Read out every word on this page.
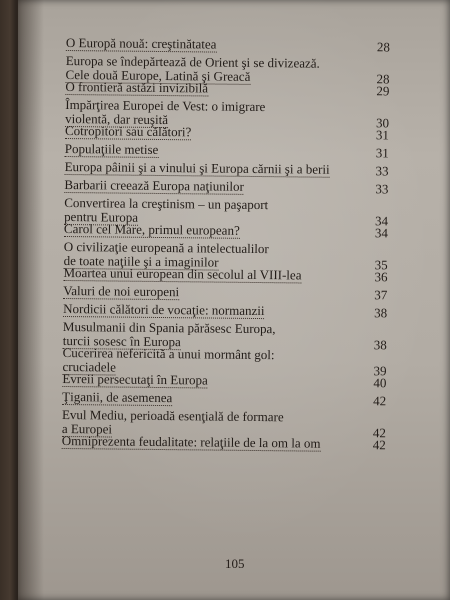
O Europă nouă: creştinătatea	28
Europa se îndepărtează de Orient şi se divizează.
Cele două Europe, Latină şi Greacă	28
O frontieră astăzi invizibilă	29
Împărţirea Europei de Vest: o imigrare
violentă, dar reuşită	30
Cotropitori sau călători?	31
Populaţiile metise	31
Europa pâinii şi a vinului şi Europa cărnii şi a berii	33
Barbarii creează Europa naţiunilor	33
Convertirea la creştinism – un paşaport
pentru Europa	34
Carol cel Mare, primul european?	34
O civilizaţie europeană a intelectualilor
de toate naţiile şi a imaginilor	35
Moartea unui european din secolul al VIII-lea	36
Valuri de noi europeni	37
Nordicii călători de vocaţie: normanzii	38
Musulmanii din Spania părăsesc Europa,
turcii sosesc în Europa	38
Cucerirea nefericită a unui mormânt gol:
cruciadele	39
Evreii persecutaţi în Europa	40
Ţiganii, de asemenea	42
Evul Mediu, perioadă esenţială de formare
a Europei	42
Omniprezenta feudalitate: relaţiile de la om la om	42
105
